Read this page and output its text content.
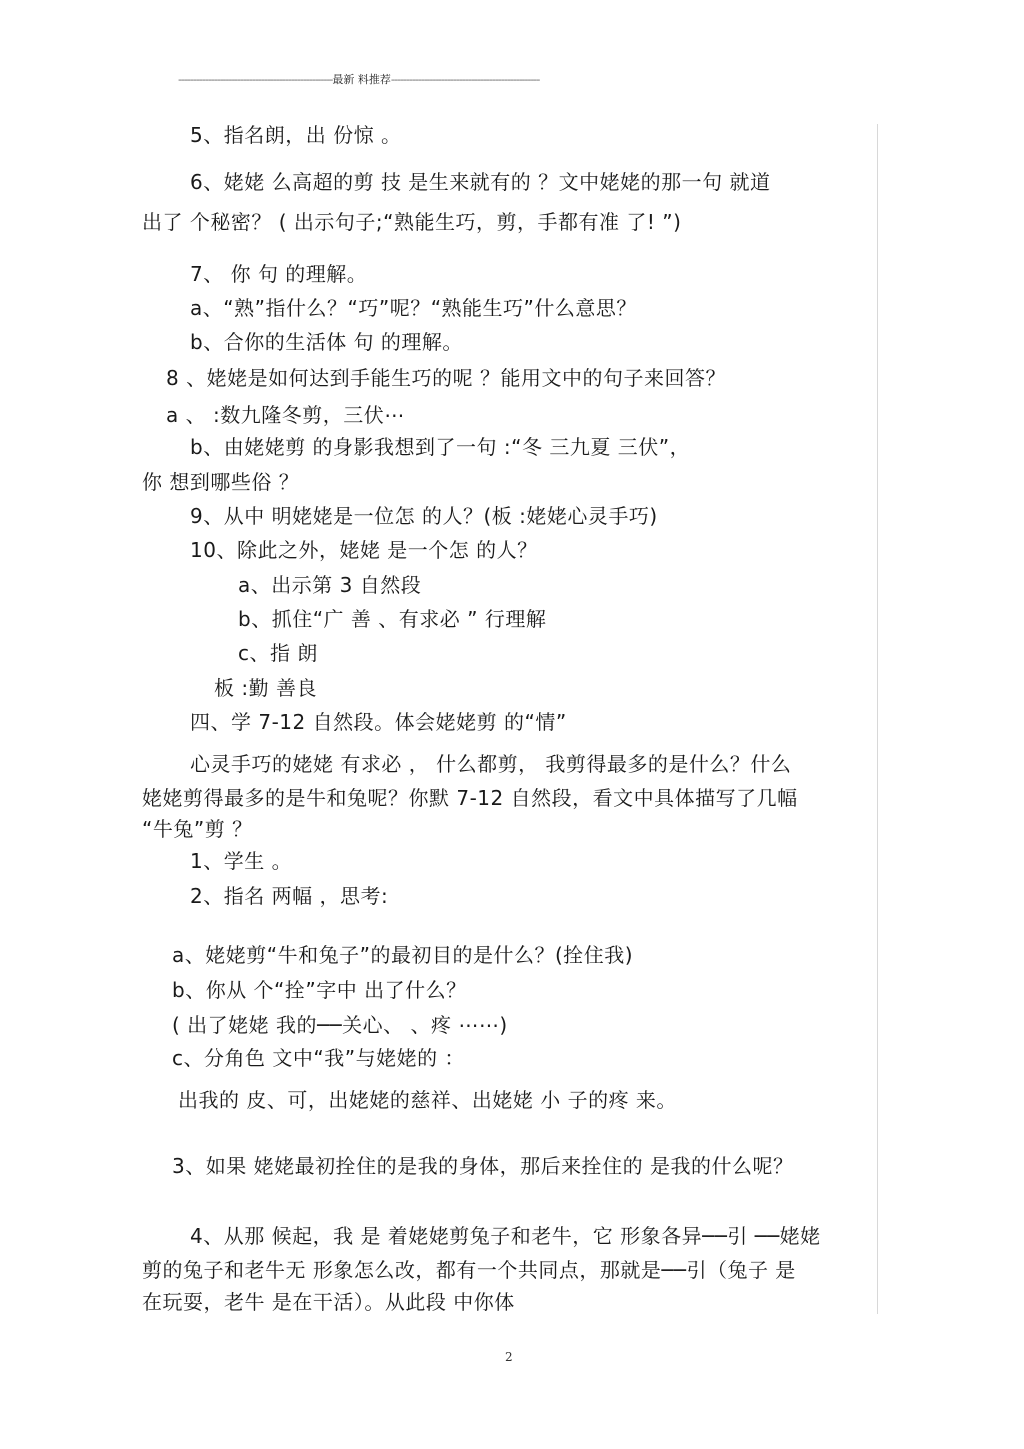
----------------------------------------------------最新 料推荐--------------------------------------------------
5、指名朗，出 份惊 。
6、姥姥 么高超的剪 技 是生来就有的 ？文中姥姥的那一句 就道
出了 个秘密？ ( 出示句子;“熟能生巧，剪，手都有准 了! ”)
7、 你 句 的理解。
a、“熟”指什么？“巧”呢？“熟能生巧”什么意思？
b、合你的生活体 句 的理解。
8 、姥姥是如何达到手能生巧的呢 ？能用文中的句子来回答？
a 、 :数九隆冬剪，三伏⋯
b、由姥姥剪 的身影我想到了一句 :“冬 三九夏 三伏”，
你 想到哪些俗 ？
9、从中 明姥姥是一位怎 的人？(板 :姥姥心灵手巧)
10、除此之外，姥姥 是一个怎 的人？
a、出示第 3 自然段
b、抓住“广 善 、有求必 ” 行理解
c、指 朗
板 :勤 善良
四、学 7-12 自然段。体会姥姥剪 的“情”
心灵手巧的姥姥 有求必 ， 什么都剪， 我剪得最多的是什么？什么
姥姥剪得最多的是牛和兔呢？你默 7-12 自然段，看文中具体描写了几幅
“牛兔”剪 ？
1、学生 。
2、指名 两幅 ，思考:
a、姥姥剪“牛和兔子”的最初目的是什么？(拴住我)
b、你从 个“拴”字中 出了什么？
( 出了姥姥 我的──关心、 、疼 ⋯⋯)
c、分角色 文中“我”与姥姥的 ：
出我的 皮、可，出姥姥的慈祥、出姥姥 小 子的疼 来。
3、如果 姥姥最初拴住的是我的身体，那后来拴住的 是我的什么呢？
4、从那 候起，我 是 着姥姥剪兔子和老牛，它 形象各异──引 ──姥姥
剪的兔子和老牛无 形象怎么改，都有一个共同点，那就是──引（兔子 是
在玩耍，老牛 是在干活）。从此段 中你体
2
